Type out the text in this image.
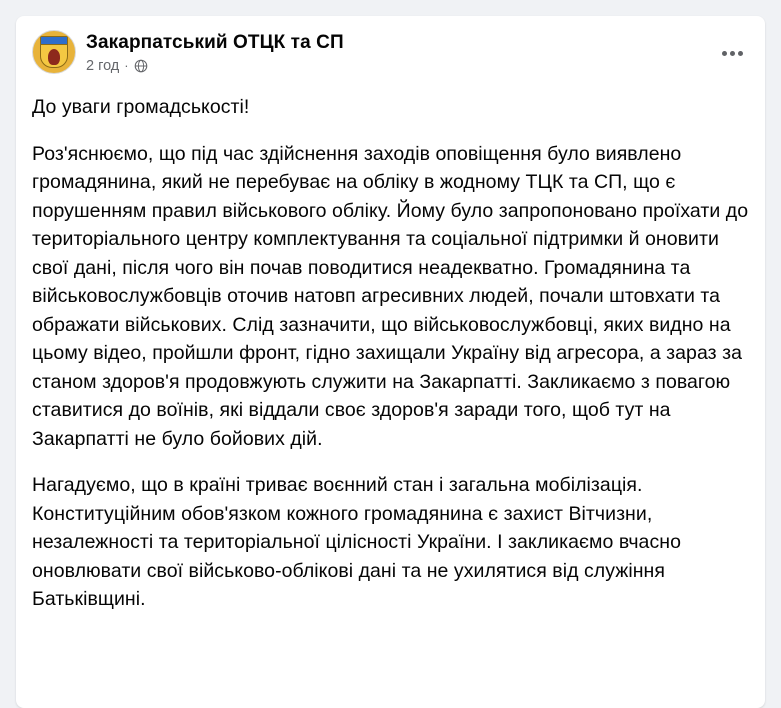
Закарпатський ОТЦК та СП
2 год ·

До уваги громадськості!

Роз'яснюємо, що під час здійснення заходів оповіщення було виявлено громадянина, який не перебуває на обліку в жодному ТЦК та СП, що є порушенням правил військового обліку. Йому було запропоновано проїхати до територіального центру комплектування та соціальної підтримки й оновити свої дані, після чого він почав поводитися неадекватно. Громадянина та військовослужбовців оточив натовп агресивних людей, почали штовхати та ображати військових. Слід зазначити, що військовослужбовці, яких видно на цьому відео, пройшли фронт, гідно захищали Україну від агресора, а зараз за станом здоров'я продовжують служити на Закарпатті. Закликаємо з повагою ставитися до воїнів, які віддали своє здоров'я заради того, щоб тут на Закарпатті не було бойових дій.

Нагадуємо, що в країні триває воєнний стан і загальна мобілізація. Конституційним обов'язком кожного громадянина є захист Вітчизни, незалежності та територіальної цілісності України. І закликаємо вчасно оновлювати свої військово-облікові дані та не ухилятися від служіння Батьківщині.
